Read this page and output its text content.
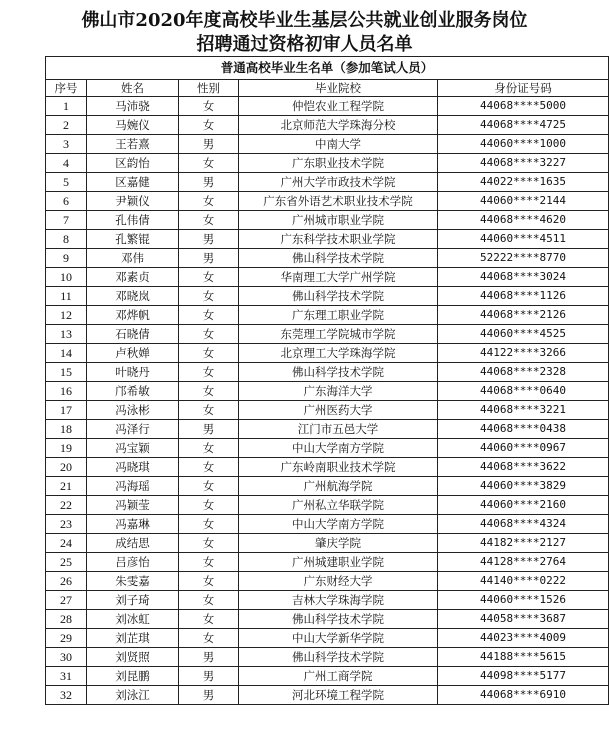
佛山市2020年度高校毕业生基层公共就业创业服务岗位
招聘通过资格初审人员名单
普通高校毕业生名单（参加笔试人员）				
序号	姓名	性别	毕业院校	身份证号码
1	马沛骁	女	仲恺农业工程学院	44068****5000
2	马婉仪	女	北京师范大学珠海分校	44068****4725
3	王若熹	男	中南大学	44060****1000
4	区韵怡	女	广东职业技术学院	44068****3227
5	区嘉健	男	广州大学市政技术学院	44022****1635
6	尹颖仪	女	广东省外语艺术职业技术学院	44060****2144
7	孔伟倩	女	广州城市职业学院	44068****4620
8	孔繁锟	男	广东科学技术职业学院	44060****4511
9	邓伟	男	佛山科学技术学院	52222****8770
10	邓素贞	女	华南理工大学广州学院	44068****3024
11	邓晓岚	女	佛山科学技术学院	44068****1126
12	邓烨帆	女	广东理工职业学院	44068****2126
13	石晓倩	女	东莞理工学院城市学院	44060****4525
14	卢秋婵	女	北京理工大学珠海学院	44122****3266
15	叶晓丹	女	佛山科学技术学院	44068****2328
16	邝希敏	女	广东海洋大学	44068****0640
17	冯泳彬	女	广州医药大学	44068****3221
18	冯泽行	男	江门市五邑大学	44068****0438
19	冯宝颖	女	中山大学南方学院	44060****0967
20	冯晓琪	女	广东岭南职业技术学院	44068****3622
21	冯海瑶	女	广州航海学院	44060****3829
22	冯颖莹	女	广州私立华联学院	44060****2160
23	冯嘉琳	女	中山大学南方学院	44068****4324
24	成结思	女	肇庆学院	44182****2127
25	吕彦怡	女	广州城建职业学院	44128****2764
26	朱雯嘉	女	广东财经大学	44140****0222
27	刘子琦	女	吉林大学珠海学院	44060****1526
28	刘冰虹	女	佛山科学技术学院	44058****3687
29	刘芷琪	女	中山大学新华学院	44023****4009
30	刘贤照	男	佛山科学技术学院	44188****5615
31	刘昆鹏	男	广州工商学院	44098****5177
32	刘泳江	男	河北环境工程学院	44068****6910
